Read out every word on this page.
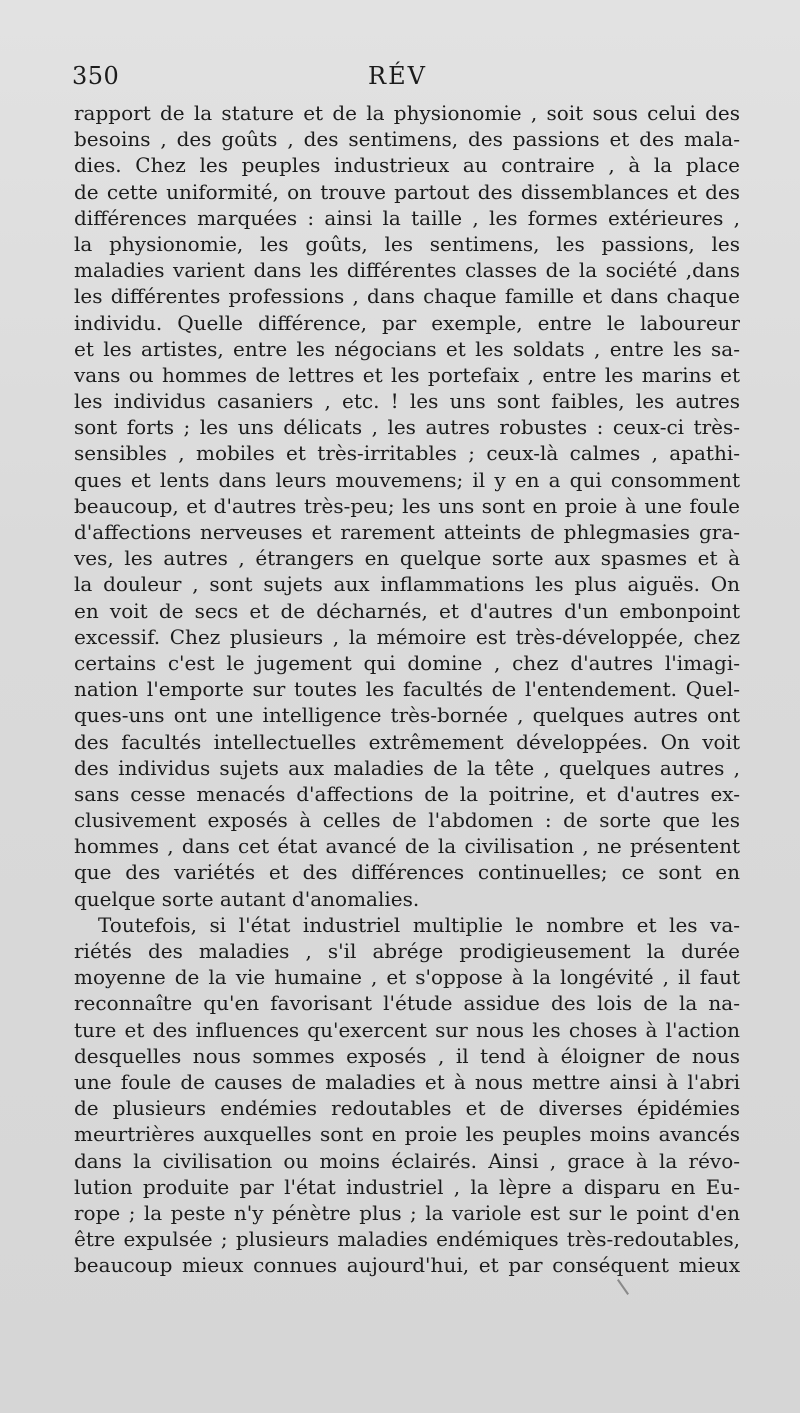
350	RÉV
rapport de la stature et de la physionomie , soit sous celui des
besoins , des goûts , des sentimens, des passions et des mala-
dies. Chez les peuples industrieux au contraire , à la place
de cette uniformité, on trouve partout des dissemblances et des
différences marquées : ainsi la taille , les formes extérieures ,
la physionomie, les goûts, les sentimens, les passions, les
maladies varient dans les différentes classes de la société ,dans
les différentes professions , dans chaque famille et dans chaque
individu. Quelle différence, par exemple, entre le laboureur
et les artistes, entre les négocians et les soldats , entre les sa-
vans ou hommes de lettres et les portefaix , entre les marins et
les individus casaniers , etc. ! les uns sont faibles, les autres
sont forts ; les uns délicats , les autres robustes : ceux-ci très-
sensibles , mobiles et très-irritables ; ceux-là calmes , apathi-
ques et lents dans leurs mouvemens; il y en a qui consomment
beaucoup, et d'autres très-peu; les uns sont en proie à une foule
d'affections nerveuses et rarement atteints de phlegmasies gra-
ves, les autres , étrangers en quelque sorte aux spasmes et à
la douleur , sont sujets aux inflammations les plus aiguës. On
en voit de secs et de décharnés, et d'autres d'un embonpoint
excessif. Chez plusieurs , la mémoire est très-développée, chez
certains c'est le jugement qui domine , chez d'autres l'imagi-
nation l'emporte sur toutes les facultés de l'entendement. Quel-
ques-uns ont une intelligence très-bornée , quelques autres ont
des facultés intellectuelles extrêmement développées. On voit
des individus sujets aux maladies de la tête , quelques autres ,
sans cesse menacés d'affections de la poitrine, et d'autres ex-
clusivement exposés à celles de l'abdomen : de sorte que les
hommes , dans cet état avancé de la civilisation , ne présentent
que des variétés et des différences continuelles; ce sont en
quelque sorte autant d'anomalies.
Toutefois, si l'état industriel multiplie le nombre et les va-
riétés des maladies , s'il abrége prodigieusement la durée
moyenne de la vie humaine , et s'oppose à la longévité , il faut
reconnaître qu'en favorisant l'étude assidue des lois de la na-
ture et des influences qu'exercent sur nous les choses à l'action
desquelles nous sommes exposés , il tend à éloigner de nous
une foule de causes de maladies et à nous mettre ainsi à l'abri
de plusieurs endémies redoutables et de diverses épidémies
meurtrières auxquelles sont en proie les peuples moins avancés
dans la civilisation ou moins éclairés. Ainsi , grace à la révo-
lution produite par l'état industriel , la lèpre a disparu en Eu-
rope ; la peste n'y pénètre plus ; la variole est sur le point d'en
être expulsée ; plusieurs maladies endémiques très-redoutables,
beaucoup mieux connues aujourd'hui, et par conséquent mieux
